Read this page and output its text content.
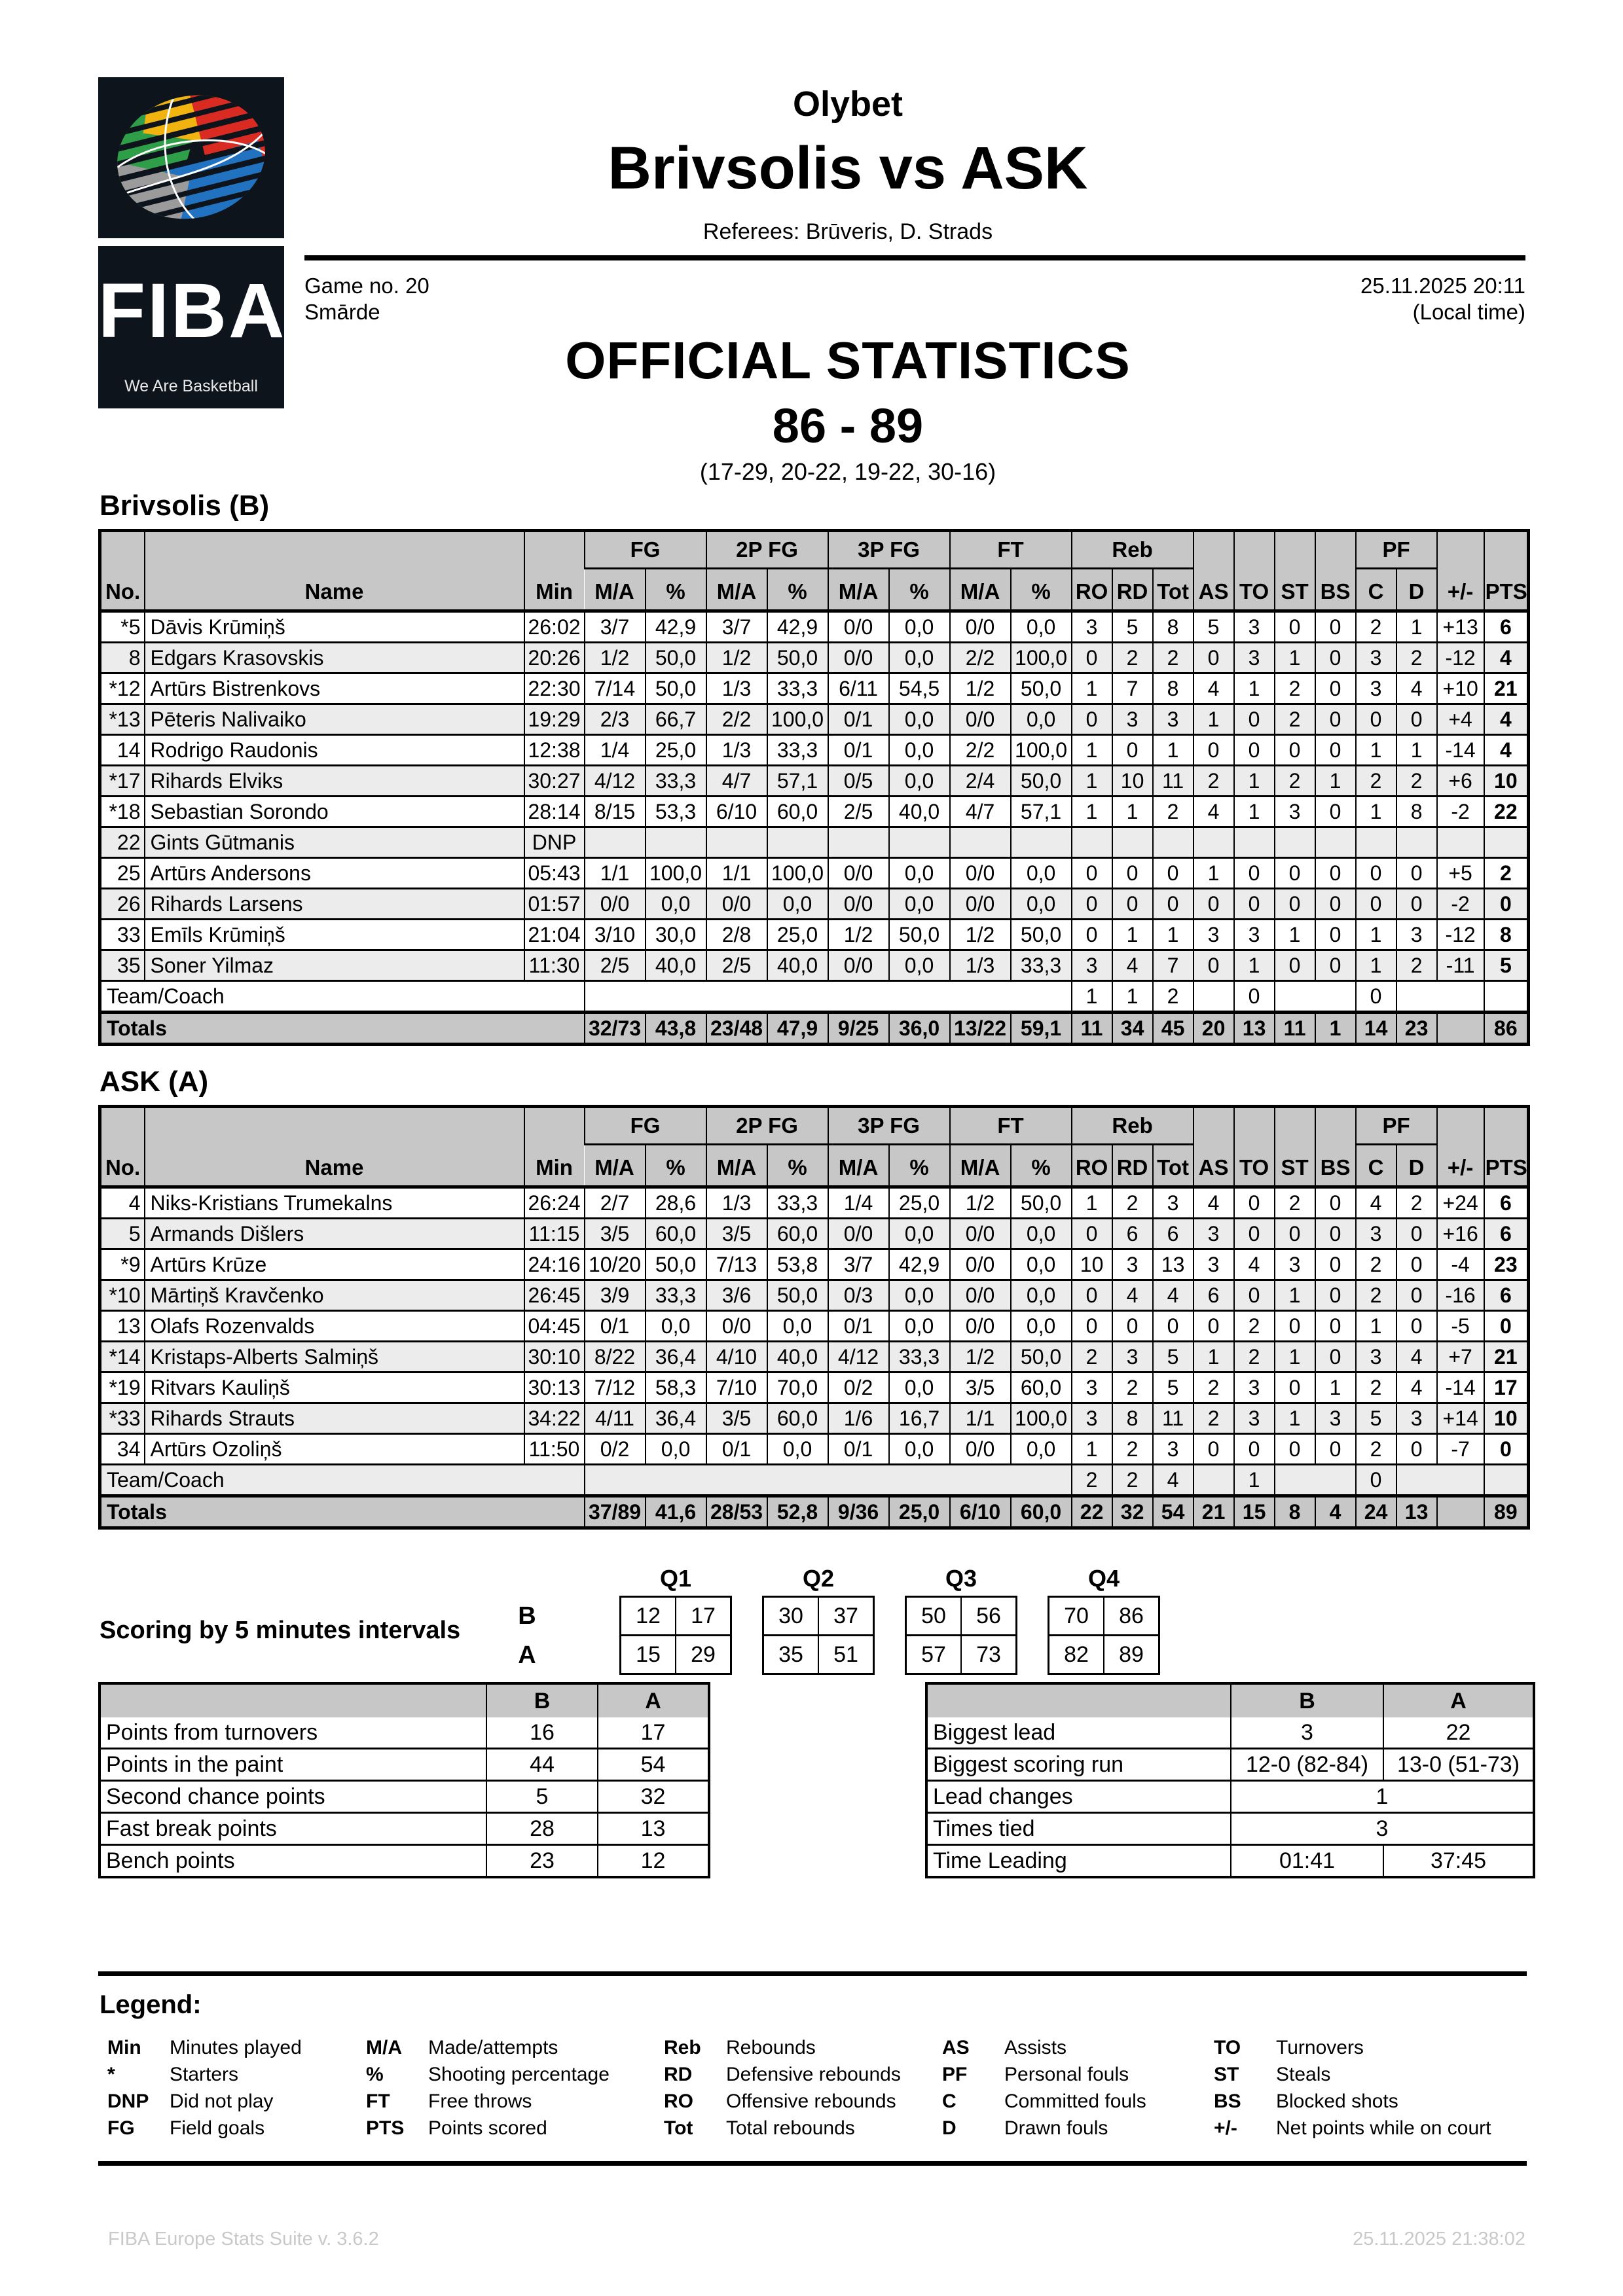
FIBA
We Are Basketball
Olybet
Brivsolis vs ASK
Referees: Brūveris, D. Strads
Game no. 20
Smārde
25.11.2025 20:11
(Local time)
OFFICIAL STATISTICS
86 - 89
(17-29, 20-22, 19-22, 30-16)
Brivsolis (B)
No.	Name	Min	FG		2P FG		3P FG		FT		Reb			AS	TO	ST	BS	PF		+/-	PTS
			M/A	%	M/A	%	M/A	%	M/A	%	RO	RD	Tot					C	D		
*5	Dāvis Krūmiņš	26:02	3/7	42,9	3/7	42,9	0/0	0,0	0/0	0,0	3	5	8	5	3	0	0	2	1	+13	6
8	Edgars Krasovskis	20:26	1/2	50,0	1/2	50,0	0/0	0,0	2/2	100,0	0	2	2	0	3	1	0	3	2	-12	4
*12	Artūrs Bistrenkovs	22:30	7/14	50,0	1/3	33,3	6/11	54,5	1/2	50,0	1	7	8	4	1	2	0	3	4	+10	21
*13	Pēteris Nalivaiko	19:29	2/3	66,7	2/2	100,0	0/1	0,0	0/0	0,0	0	3	3	1	0	2	0	0	0	+4	4
14	Rodrigo Raudonis	12:38	1/4	25,0	1/3	33,3	0/1	0,0	2/2	100,0	1	0	1	0	0	0	0	1	1	-14	4
*17	Rihards Elviks	30:27	4/12	33,3	4/7	57,1	0/5	0,0	2/4	50,0	1	10	11	2	1	2	1	2	2	+6	10
*18	Sebastian Sorondo	28:14	8/15	53,3	6/10	60,0	2/5	40,0	4/7	57,1	1	1	2	4	1	3	0	1	8	-2	22
22	Gints Gūtmanis	DNP																			
25	Artūrs Andersons	05:43	1/1	100,0	1/1	100,0	0/0	0,0	0/0	0,0	0	0	0	1	0	0	0	0	0	+5	2
26	Rihards Larsens	01:57	0/0	0,0	0/0	0,0	0/0	0,0	0/0	0,0	0	0	0	0	0	0	0	0	0	-2	0
33	Emīls Krūmiņš	21:04	3/10	30,0	2/8	25,0	1/2	50,0	1/2	50,0	0	1	1	3	3	1	0	1	3	-12	8
35	Soner Yilmaz	11:30	2/5	40,0	2/5	40,0	0/0	0,0	1/3	33,3	3	4	7	0	1	0	0	1	2	-11	5
Team/Coach											1	1	2		0			0			
Totals			32/73	43,8	23/48	47,9	9/25	36,0	13/22	59,1	11	34	45	20	13	11	1	14	23		86
ASK (A)
No.	Name	Min	FG		2P FG		3P FG		FT		Reb			AS	TO	ST	BS	PF		+/-	PTS
			M/A	%	M/A	%	M/A	%	M/A	%	RO	RD	Tot					C	D		
4	Niks-Kristians Trumekalns	26:24	2/7	28,6	1/3	33,3	1/4	25,0	1/2	50,0	1	2	3	4	0	2	0	4	2	+24	6
5	Armands Dišlers	11:15	3/5	60,0	3/5	60,0	0/0	0,0	0/0	0,0	0	6	6	3	0	0	0	3	0	+16	6
*9	Artūrs Krūze	24:16	10/20	50,0	7/13	53,8	3/7	42,9	0/0	0,0	10	3	13	3	4	3	0	2	0	-4	23
*10	Mārtiņš Kravčenko	26:45	3/9	33,3	3/6	50,0	0/3	0,0	0/0	0,0	0	4	4	6	0	1	0	2	0	-16	6
13	Olafs Rozenvalds	04:45	0/1	0,0	0/0	0,0	0/1	0,0	0/0	0,0	0	0	0	0	2	0	0	1	0	-5	0
*14	Kristaps-Alberts Salmiņš	30:10	8/22	36,4	4/10	40,0	4/12	33,3	1/2	50,0	2	3	5	1	2	1	0	3	4	+7	21
*19	Ritvars Kauliņš	30:13	7/12	58,3	7/10	70,0	0/2	0,0	3/5	60,0	3	2	5	2	3	0	1	2	4	-14	17
*33	Rihards Strauts	34:22	4/11	36,4	3/5	60,0	1/6	16,7	1/1	100,0	3	8	11	2	3	1	3	5	3	+14	10
34	Artūrs Ozoliņš	11:50	0/2	0,0	0/1	0,0	0/1	0,0	0/0	0,0	1	2	3	0	0	0	0	2	0	-7	0
Team/Coach											2	2	4		1			0			
Totals			37/89	41,6	28/53	52,8	9/36	25,0	6/10	60,0	22	32	54	21	15	8	4	24	13		89
Scoring by 5 minutes intervals
Q1	Q2	Q3	Q4
B	12	17	30	37	50	56	70	86
A	15	29	35	51	57	73	82	89
	B	A
Points from turnovers	16	17
Points in the paint	44	54
Second chance points	5	32
Fast break points	28	13
Bench points	23	12
	B	A
Biggest lead	3	22
Biggest scoring run	12-0 (82-84)	13-0 (51-73)
Lead changes	1	
Times tied	3	
Time Leading	01:41	37:45
Legend:
Min	Minutes played
*	Starters
DNP	Did not play
FG	Field goals
M/A	Made/attempts
%	Shooting percentage
FT	Free throws
PTS	Points scored
Reb	Rebounds
RD	Defensive rebounds
RO	Offensive rebounds
Tot	Total rebounds
AS	Assists
PF	Personal fouls
C	Committed fouls
D	Drawn fouls
TO	Turnovers
ST	Steals
BS	Blocked shots
+/-	Net points while on court
FIBA Europe Stats Suite v. 3.6.2	25.11.2025 21:38:02
